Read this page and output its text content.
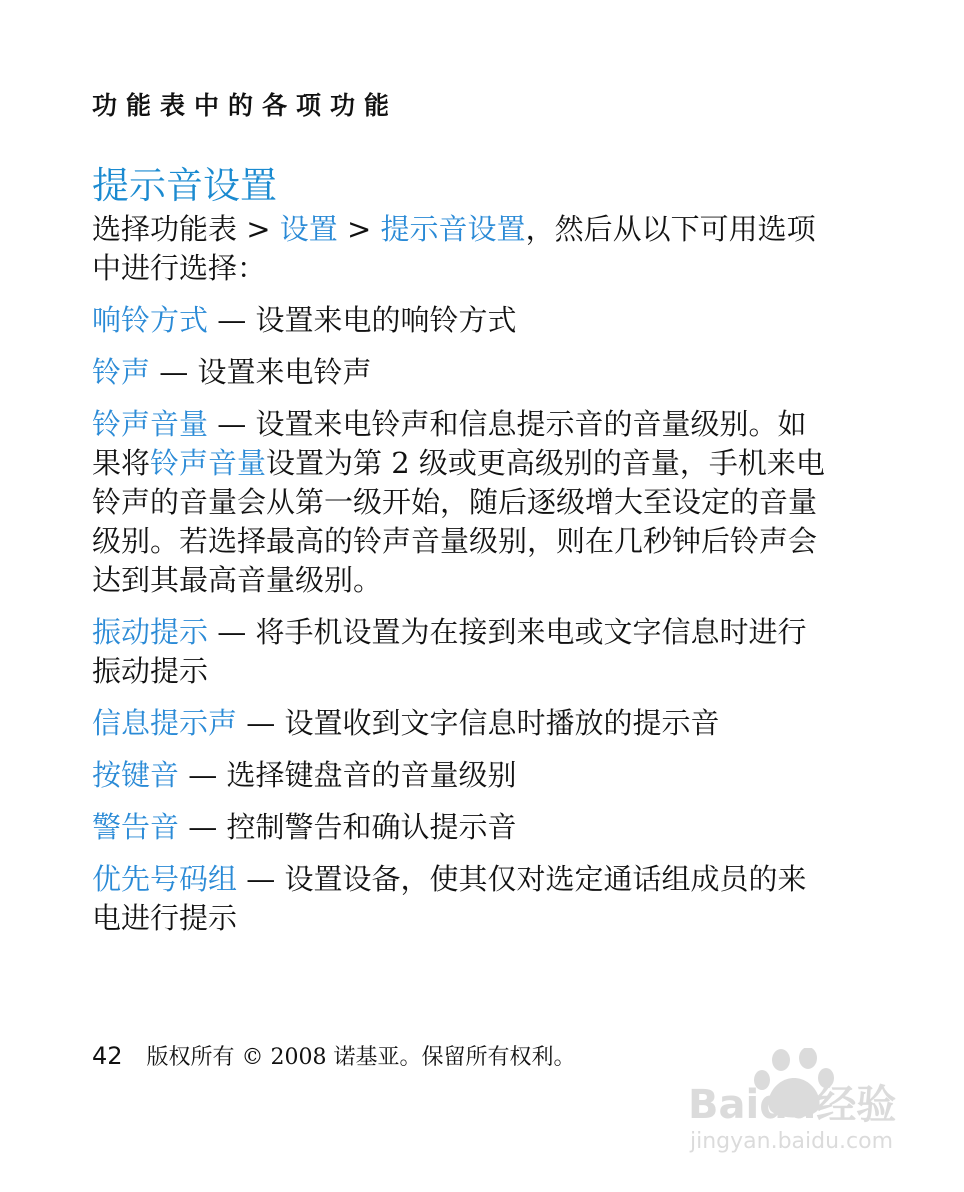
功能表中的各项功能
提示音设置

选择功能表 > 设置 > 提示音设置，然后从以下可用选项中进行选择：

响铃方式 — 设置来电的响铃方式

铃声 — 设置来电铃声

铃声音量 — 设置来电铃声和信息提示音的音量级别。如果将铃声音量设置为第 2 级或更高级别的音量，手机来电铃声的音量会从第一级开始，随后逐级增大至设定的音量级别。若选择最高的铃声音量级别，则在几秒钟后铃声会达到其最高音量级别。

振动提示 — 将手机设置为在接到来电或文字信息时进行振动提示

信息提示声 — 设置收到文字信息时播放的提示音

按键音 — 选择键盘音的音量级别

警告音 — 控制警告和确认提示音

优先号码组 — 设置设备，使其仅对选定通话组成员的来电进行提示

42 版权所有 © 2008 诺基亚。保留所有权利。
Baidu经验
jingyan.baidu.com
